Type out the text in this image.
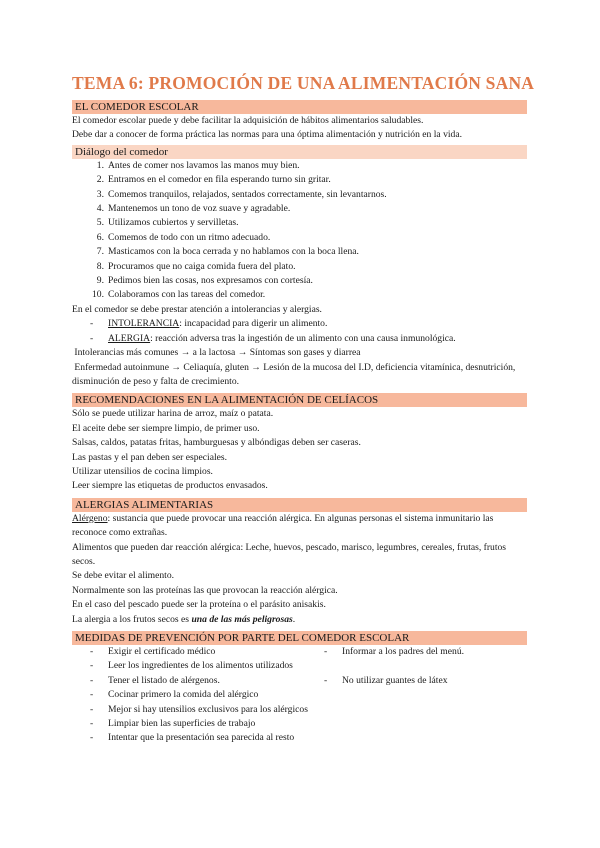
TEMA 6: PROMOCIÓN DE UNA ALIMENTACIÓN SANA
EL COMEDOR ESCOLAR

El comedor escolar puede y debe facilitar la adquisición de hábitos alimentarios saludables.

Debe dar a conocer de forma práctica las normas para una óptima alimentación y nutrición en la vida.

Diálogo del comedor
1. Antes de comer nos lavamos las manos muy bien.
2. Entramos en el comedor en fila esperando turno sin gritar.
3. Comemos tranquilos, relajados, sentados correctamente, sin levantarnos.
4. Mantenemos un tono de voz suave y agradable.
5. Utilizamos cubiertos y servilletas.
6. Comemos de todo con un ritmo adecuado.
7. Masticamos con la boca cerrada y no hablamos con la boca llena.
8. Procuramos que no caiga comida fuera del plato.
9. Pedimos bien las cosas, nos expresamos con cortesía.
10. Colaboramos con las tareas del comedor.

En el comedor se debe prestar atención a intolerancias y alergias.

- INTOLERANCIA: incapacidad para digerir un alimento.
- ALERGIA: reacción adversa tras la ingestión de un alimento con una causa inmunológica.

Intolerancias más comunes → a la lactosa → Síntomas son gases y diarrea

Enfermedad autoinmune → Celiaquía, gluten → Lesión de la mucosa del I.D, deficiencia vitamínica, desnutrición, disminución de peso y falta de crecimiento.

RECOMENDACIONES EN LA ALIMENTACIÓN DE CELÍACOS

Sólo se puede utilizar harina de arroz, maíz o patata.

El aceite debe ser siempre limpio, de primer uso.

Salsas, caldos, patatas fritas, hamburguesas y albóndigas deben ser caseras.

Las pastas y el pan deben ser especiales.

Utilizar utensilios de cocina limpios.

Leer siempre las etiquetas de productos envasados.

ALERGIAS ALIMENTARIAS

Alérgeno: sustancia que puede provocar una reacción alérgica. En algunas personas el sistema inmunitario las reconoce como extrañas.

Alimentos que pueden dar reacción alérgica: Leche, huevos, pescado, marisco, legumbres, cereales, frutas, frutos secos.

Se debe evitar el alimento.

Normalmente son las proteínas las que provocan la reacción alérgica.

En el caso del pescado puede ser la proteína o el parásito anisakis.

La alergia a los frutos secos es una de las más peligrosas.

MEDIDAS DE PREVENCIÓN POR PARTE DEL COMEDOR ESCOLAR
- Exigir el certificado médico
- Leer los ingredientes de los alimentos utilizados
- Tener el listado de alérgenos.
- Cocinar primero la comida del alérgico
- Mejor si hay utensilios exclusivos para los alérgicos
- Limpiar bien las superficies de trabajo
- Intentar que la presentación sea parecida al resto
- Informar a los padres del menú.
- No utilizar guantes de látex
